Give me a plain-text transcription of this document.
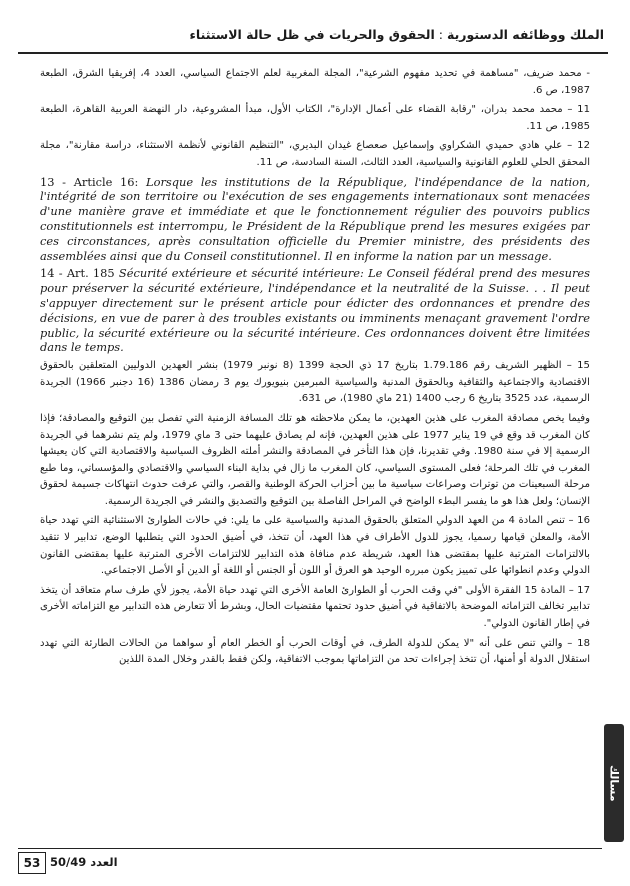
الملك ووظائفه الدستورية:الحقوق والحريات في ظل حالة الاستثناء

- محمد ضريف، "مساهمة في تحديد مفهوم الشرعية"، المجلة المغربية لعلم الاجتماع السياسي، العدد 4، إفريقيا الشرق، الطبعة 1987، ص 6.

11 – محمد محمد بدران، "رقابة القضاء على أعمال الإدارة"، الكتاب الأول، مبدأ المشروعية، دار النهضة العربية القاهرة، الطبعة 1985، ص 11.

12 – علي هادي حميدي الشكراوي وإسماعيل صعصاع غيدان البديري، "التنظيم القانوني لأنظمة الاستثناء، دراسة مقارنة"، مجلة المحقق الحلي للعلوم القانونية والسياسية، العدد الثالث، السنة السادسة، ص 11.

13 - Article 16: Lorsque les institutions de la République, l'indépendance de la nation, l'intégrité de son territoire ou l'exécution de ses engagements internationaux sont menacées d'une manière grave et immédiate et que le fonctionnement régulier des pouvoirs publics constitutionnels est interrompu, le Président de la République prend les mesures exigées par ces circonstances, après consultation officielle du Premier ministre, des présidents des assemblées ainsi que du Conseil constitutionnel. Il en informe la nation par un message.

14 - Art. 185 Sécurité extérieure et sécurité intérieure: Le Conseil fédéral prend des mesures pour préserver la sécurité extérieure, l'indépendance et la neutralité de la Suisse. . . Il peut s'appuyer directement sur le présent article pour édicter des ordonnances et prendre des décisions, en vue de parer à des troubles existants ou imminents menaçant gravement l'ordre public, la sécurité extérieure ou la sécurité intérieure. Ces ordonnances doivent être limitées dans le temps.

15 – الظهير الشريف رقم 1.79.186 بتاريخ 17 ذي الحجة 1399 (8 نونبر 1979) بنشر العهدين الدوليين المتعلقين بالحقوق الاقتصادية والاجتماعية والثقافية وبالحقوق المدنية والسياسية المبرمين بنيويورك يوم 3 رمضان 1386 (16 دجنبر 1966) الجريدة الرسمية، عدد 3525 بتاريخ 6 رجب 1400 (21 ماي 1980)، ص 631.

وفيما يخص مصادقة المغرب على هذين العهدين، ما يمكن ملاحظته هو تلك المسافة الزمنية التي تفصل بين التوقيع والمصادقة؛ فإذا كان المغرب قد وقع في 19 يناير 1977 على هذين العهدين، فإنه لم يصادق عليهما حتى 3 ماي 1979، ولم يتم نشرهما في الجريدة الرسمية إلا في سنة 1980. وفي تقديرنا، فإن هذا التأخر في المصادقة والنشر أملته الظروف السياسية والاقتصادية التي كان يعيشها المغرب في تلك المرحلة؛ فعلى المستوى السياسي، كان المغرب ما زال في بداية البناء السياسي والاقتصادي والمؤسساتي، وما طبع مرحلة السبعينات من توترات وصراعات سياسية ما بين أحزاب الحركة الوطنية والقصر، والتي عرفت حدوث انتهاكات جسيمة لحقوق الإنسان؛ ولعل هذا هو ما يفسر البطء الواضح في المراحل الفاصلة بين التوقيع والتصديق والنشر في الجريدة الرسمية.

16 – تنص المادة 4 من العهد الدولي المتعلق بالحقوق المدنية والسياسية على ما يلي: في حالات الطوارئ الاستثنائية التي تهدد حياة الأمة، والمعلن قيامها رسميا، يجوز للدول الأطراف في هذا العهد، أن تتخذ، في أضيق الحدود التي يتطلبها الوضع، تدابير لا تتقيد بالالتزامات المترتبة عليها بمقتضى هذا العهد، شريطة عدم منافاة هذه التدابير للالتزامات الأخرى المترتبة عليها بمقتضى القانون الدولي وعدم انطوائها على تمييز يكون مبرره الوحيد هو العرق أو اللون أو الجنس أو اللغة أو الدين أو الأصل الاجتماعي.

17 – المادة 15 الفقرة الأولى "في وقت الحرب أو الطوارئ العامة الأخرى التي تهدد حياة الأمة، يجوز لأي طرف سام متعاقد أن يتخذ تدابير تخالف التزاماته الموضحة بالاتفاقية في أضيق حدود تحتمها مقتضيات الحال، وبشرط ألا تتعارض هذه التدابير مع التزاماته الأخرى في إطار القانون الدولي".

18 – والتي تنص على أنه "لا يمكن للدولة الطرف، في أوقات الحرب أو الخطر العام أو سواهما من الحالات الطارئة التي تهدد استقلال الدولة أو أمنها، أن تتخذ إجراءات تحد من التزاماتها بموجب الاتفاقية، ولكن فقط بالقدر وخلال المدة اللذين

مسالك
53	العدد 50/49
